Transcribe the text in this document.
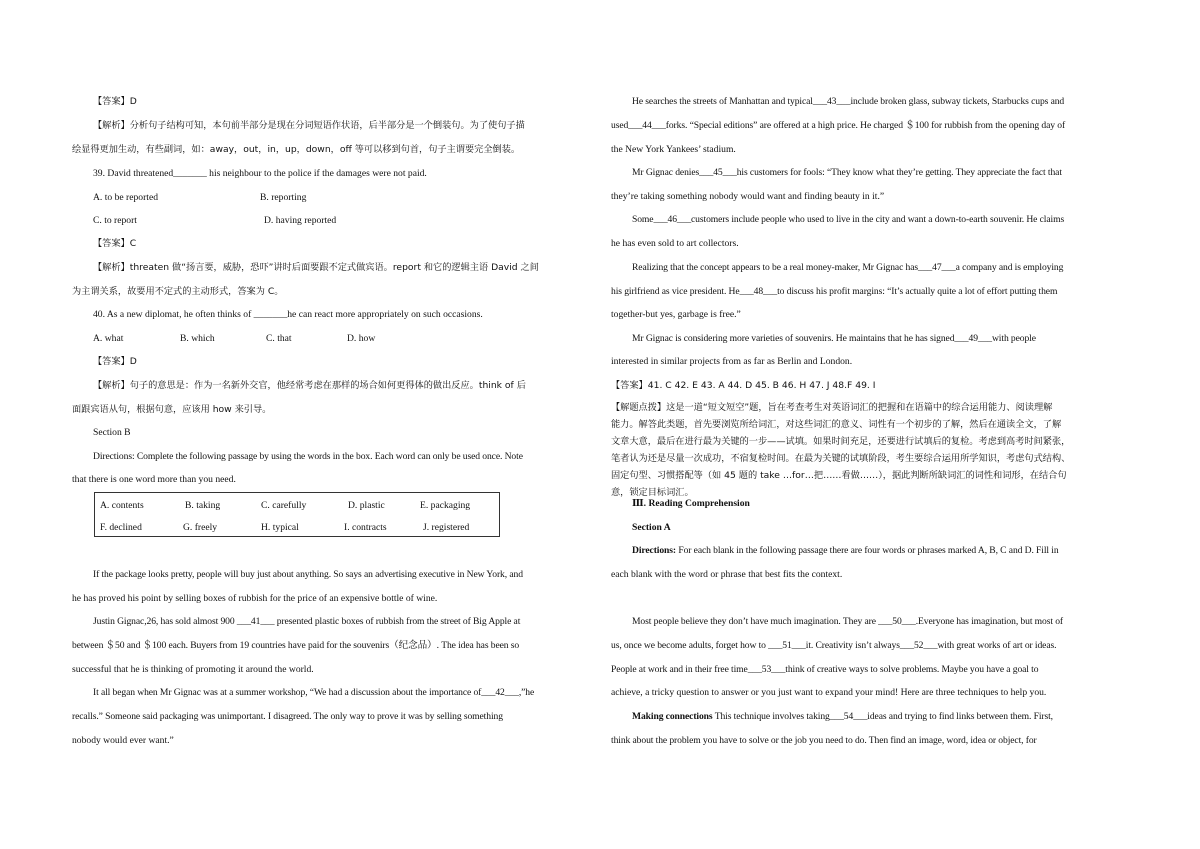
【答案】D
【解析】分析句子结构可知，本句前半部分是现在分词短语作状语，后半部分是一个倒装句。为了使句子描
绘显得更加生动，有些副词，如：away，out，in，up，down，off 等可以移到句首，句子主谓要完全倒装。
39. David threatened_______ his neighbour to the police if the damages were not paid.
A. to be reported	B. reporting
C. to report	D. having reported
【答案】C
【解析】threaten 做“扬言要，威胁，恐吓”讲时后面要跟不定式做宾语。report 和它的逻辑主语 David 之间
为主谓关系，故要用不定式的主动形式，答案为 C。
40. As a new diplomat, he often thinks of _______he can react more appropriately on such occasions.
A. what	B. which	C. that	D. how
【答案】D
【解析】句子的意思是：作为一名新外交官，他经常考虑在那样的场合如何更得体的做出反应。think of 后
面跟宾语从句，根据句意，应该用 how 来引导。
Section B
Directions: Complete the following passage by using the words in the box. Each word can only be used once. Note
that there is one word more than you need.
A. contents	B. taking	C. carefully	D. plastic	E. packaging
F. declined	G. freely	H. typical	I. contracts	J. registered
If the package looks pretty, people will buy just about anything. So says an advertising executive in New York, and
he has proved his point by selling boxes of rubbish for the price of an expensive bottle of wine.
Justin Gignac,26, has sold almost 900 ___41___ presented plastic boxes of rubbish from the street of Big Apple at
between ＄50 and ＄100 each. Buyers from 19 countries have paid for the souvenirs（纪念品）. The idea has been so
successful that he is thinking of promoting it around the world.
It all began when Mr Gignac was at a summer workshop, “We had a discussion about the importance of___42___,”he
recalls.” Someone said packaging was unimportant. I disagreed. The only way to prove it was by selling something
nobody would ever want.”
He searches the streets of Manhattan and typical___43___include broken glass, subway tickets, Starbucks cups and
used___44___forks. “Special editions” are offered at a high price. He charged ＄100 for rubbish from the opening day of
the New York Yankees’ stadium.
Mr Gignac denies___45___his customers for fools: “They know what they’re getting. They appreciate the fact that
they’re taking something nobody would want and finding beauty in it.”
Some___46___customers include people who used to live in the city and want a down-to-earth souvenir. He claims
he has even sold to art collectors.
Realizing that the concept appears to be a real money-maker, Mr Gignac has___47___a company and is employing
his girlfriend as vice president. He___48___to discuss his profit margins: “It’s actually quite a lot of effort putting them
together-but yes, garbage is free.”
Mr Gignac is considering more varieties of souvenirs. He maintains that he has signed___49___with people
interested in similar projects from as far as Berlin and London.
【答案】41. C 42. E 43. A 44. D 45. B 46. H 47. J 48.F 49. I
【解题点拨】这是一道“短文短空”题，旨在考查考生对英语词汇的把握和在语篇中的综合运用能力、阅读理解
能力。解答此类题，首先要浏览所给词汇，对这些词汇的意义、词性有一个初步的了解，然后在通读全文，了解
文章大意，最后在进行最为关键的一步——试填。如果时间充足，还要进行试填后的复检。考虑到高考时间紧张，
笔者认为还是尽量一次成功，不宿复检时间。在最为关键的试填阶段，考生要综合运用所学知识，考虑句式结构、
固定句型、习惯搭配等（如 45 题的 take …for…把……看做……），据此判断所缺词汇的词性和词形，在结合句
意，锁定目标词汇。
Ⅲ. Reading Comprehension
Section A
Directions: For each blank in the following passage there are four words or phrases marked A, B, C and D. Fill in
each blank with the word or phrase that best fits the context.
Most people believe they don’t have much imagination. They are ___50___.Everyone has imagination, but most of
us, once we become adults, forget how to ___51___it. Creativity isn’t always___52___with great works of art or ideas.
People at work and in their free time___53___think of creative ways to solve problems. Maybe you have a goal to
achieve, a tricky question to answer or you just want to expand your mind! Here are three techniques to help you.
Making connections This technique involves taking___54___ideas and trying to find links between them. First,
think about the problem you have to solve or the job you need to do. Then find an image, word, idea or object, for
